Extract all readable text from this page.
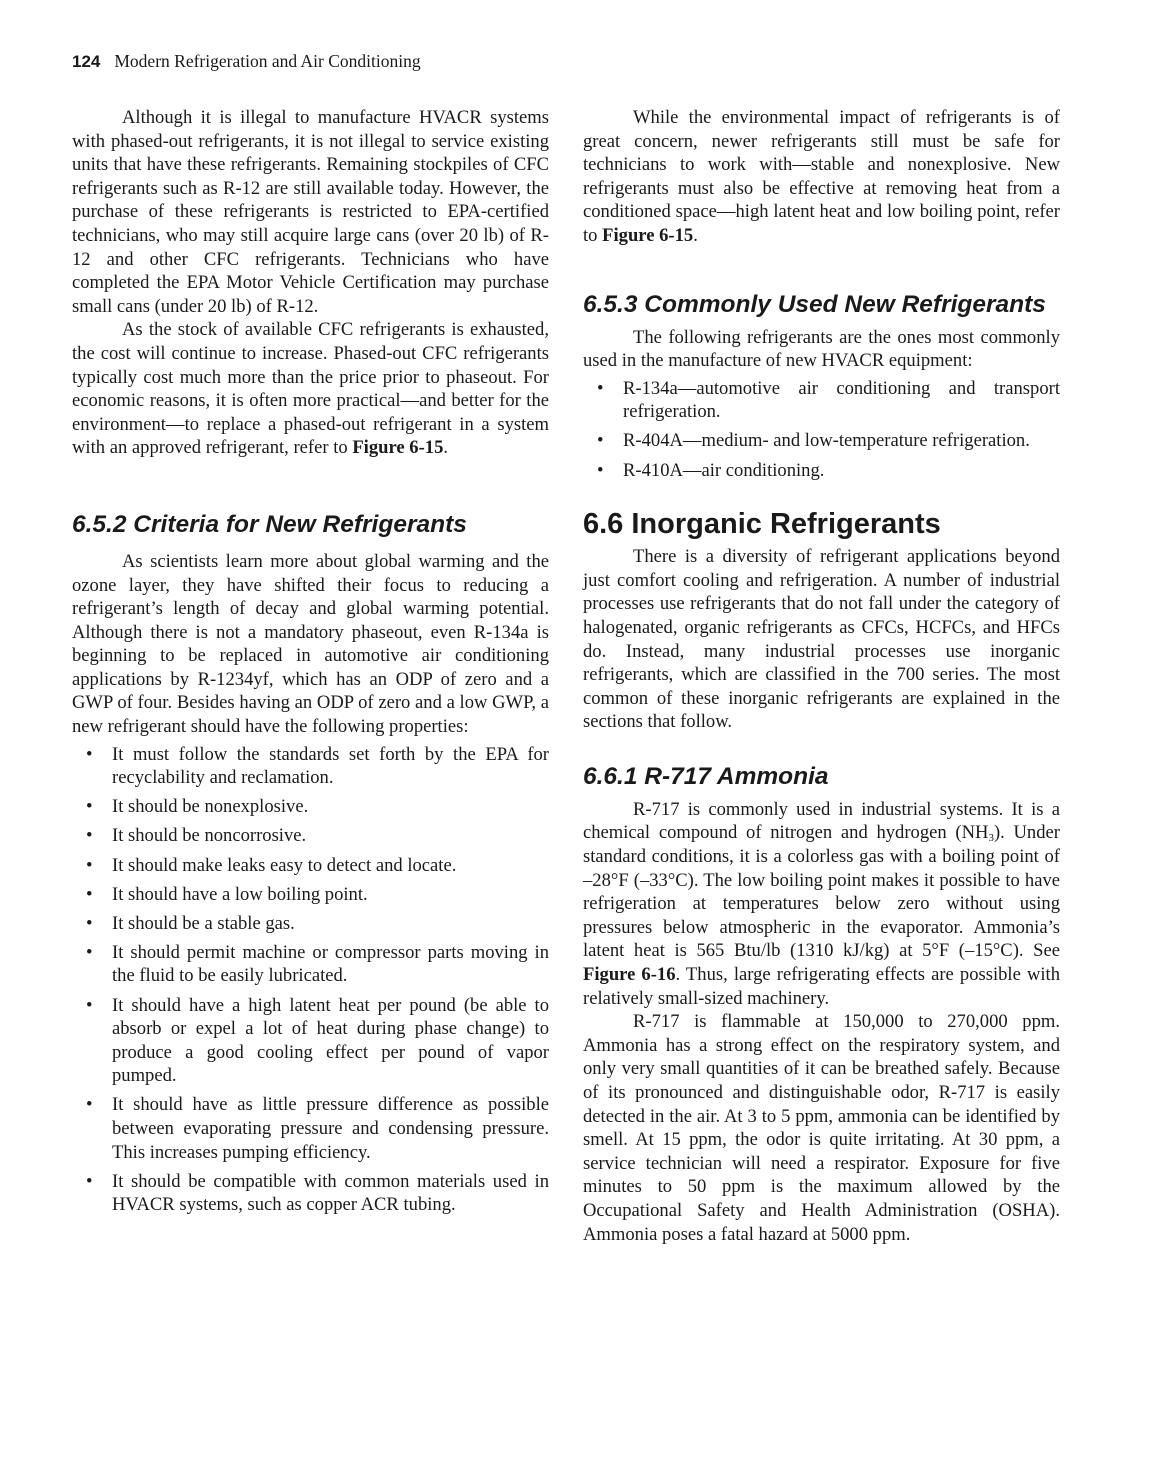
124 Modern Refrigeration and Air Conditioning

Although it is illegal to manufacture HVACR systems with phased-out refrigerants, it is not illegal to service existing units that have these refrigerants. Remaining stockpiles of CFC refrigerants such as R-12 are still available today. However, the purchase of these refrigerants is restricted to EPA-certified technicians, who may still acquire large cans (over 20 lb) of R-12 and other CFC refrigerants. Technicians who have completed the EPA Motor Vehicle Certification may purchase small cans (under 20 lb) of R-12.

As the stock of available CFC refrigerants is exhausted, the cost will continue to increase. Phased-out CFC refrigerants typically cost much more than the price prior to phaseout. For economic reasons, it is often more practical—and better for the environment—to replace a phased-out refrigerant in a system with an approved refrigerant, refer to Figure 6-15.

6.5.2 Criteria for New Refrigerants

As scientists learn more about global warming and the ozone layer, they have shifted their focus to reducing a refrigerant’s length of decay and global warming potential. Although there is not a mandatory phaseout, even R-134a is beginning to be replaced in automotive air conditioning applications by R-1234yf, which has an ODP of zero and a GWP of four. Besides having an ODP of zero and a low GWP, a new refrigerant should have the following properties:

• It must follow the standards set forth by the EPA for recyclability and reclamation.
• It should be nonexplosive.
• It should be noncorrosive.
• It should make leaks easy to detect and locate.
• It should have a low boiling point.
• It should be a stable gas.
• It should permit machine or compressor parts moving in the fluid to be easily lubricated.
• It should have a high latent heat per pound (be able to absorb or expel a lot of heat during phase change) to produce a good cooling effect per pound of vapor pumped.
• It should have as little pressure difference as possible between evaporating pressure and condensing pressure. This increases pumping efficiency.
• It should be compatible with common materials used in HVACR systems, such as copper ACR tubing.

While the environmental impact of refrigerants is of great concern, newer refrigerants still must be safe for technicians to work with—stable and nonexplosive. New refrigerants must also be effective at removing heat from a conditioned space—high latent heat and low boiling point, refer to Figure 6-15.

6.5.3 Commonly Used New Refrigerants

The following refrigerants are the ones most commonly used in the manufacture of new HVACR equipment:

• R-134a—automotive air conditioning and transport refrigeration.
• R-404A—medium- and low-temperature refrigeration.
• R-410A—air conditioning.
6.6 Inorganic Refrigerants

There is a diversity of refrigerant applications beyond just comfort cooling and refrigeration. A number of industrial processes use refrigerants that do not fall under the category of halogenated, organic refrigerants as CFCs, HCFCs, and HFCs do. Instead, many industrial processes use inorganic refrigerants, which are classified in the 700 series. The most common of these inorganic refrigerants are explained in the sections that follow.

6.6.1 R-717 Ammonia

R-717 is commonly used in industrial systems. It is a chemical compound of nitrogen and hydrogen $(NH_3)$. Under standard conditions, it is a colorless gas with a boiling point of –28°F (–33°C). The low boiling point makes it possible to have refrigeration at temperatures below zero without using pressures below atmospheric in the evaporator. Ammonia’s latent heat is 565 Btu/lb (1310 kJ/kg) at 5°F (–15°C). See Figure 6-16. Thus, large refrigerating effects are possible with relatively small-sized machinery.

R-717 is flammable at 150,000 to 270,000 ppm. Ammonia has a strong effect on the respiratory system, and only very small quantities of it can be breathed safely. Because of its pronounced and distinguishable odor, R-717 is easily detected in the air. At 3 to 5 ppm, ammonia can be identified by smell. At 15 ppm, the odor is quite irritating. At 30 ppm, a service technician will need a respirator. Exposure for five minutes to 50 ppm is the maximum allowed by the Occupational Safety and Health Administration (OSHA). Ammonia poses a fatal hazard at 5000 ppm.
